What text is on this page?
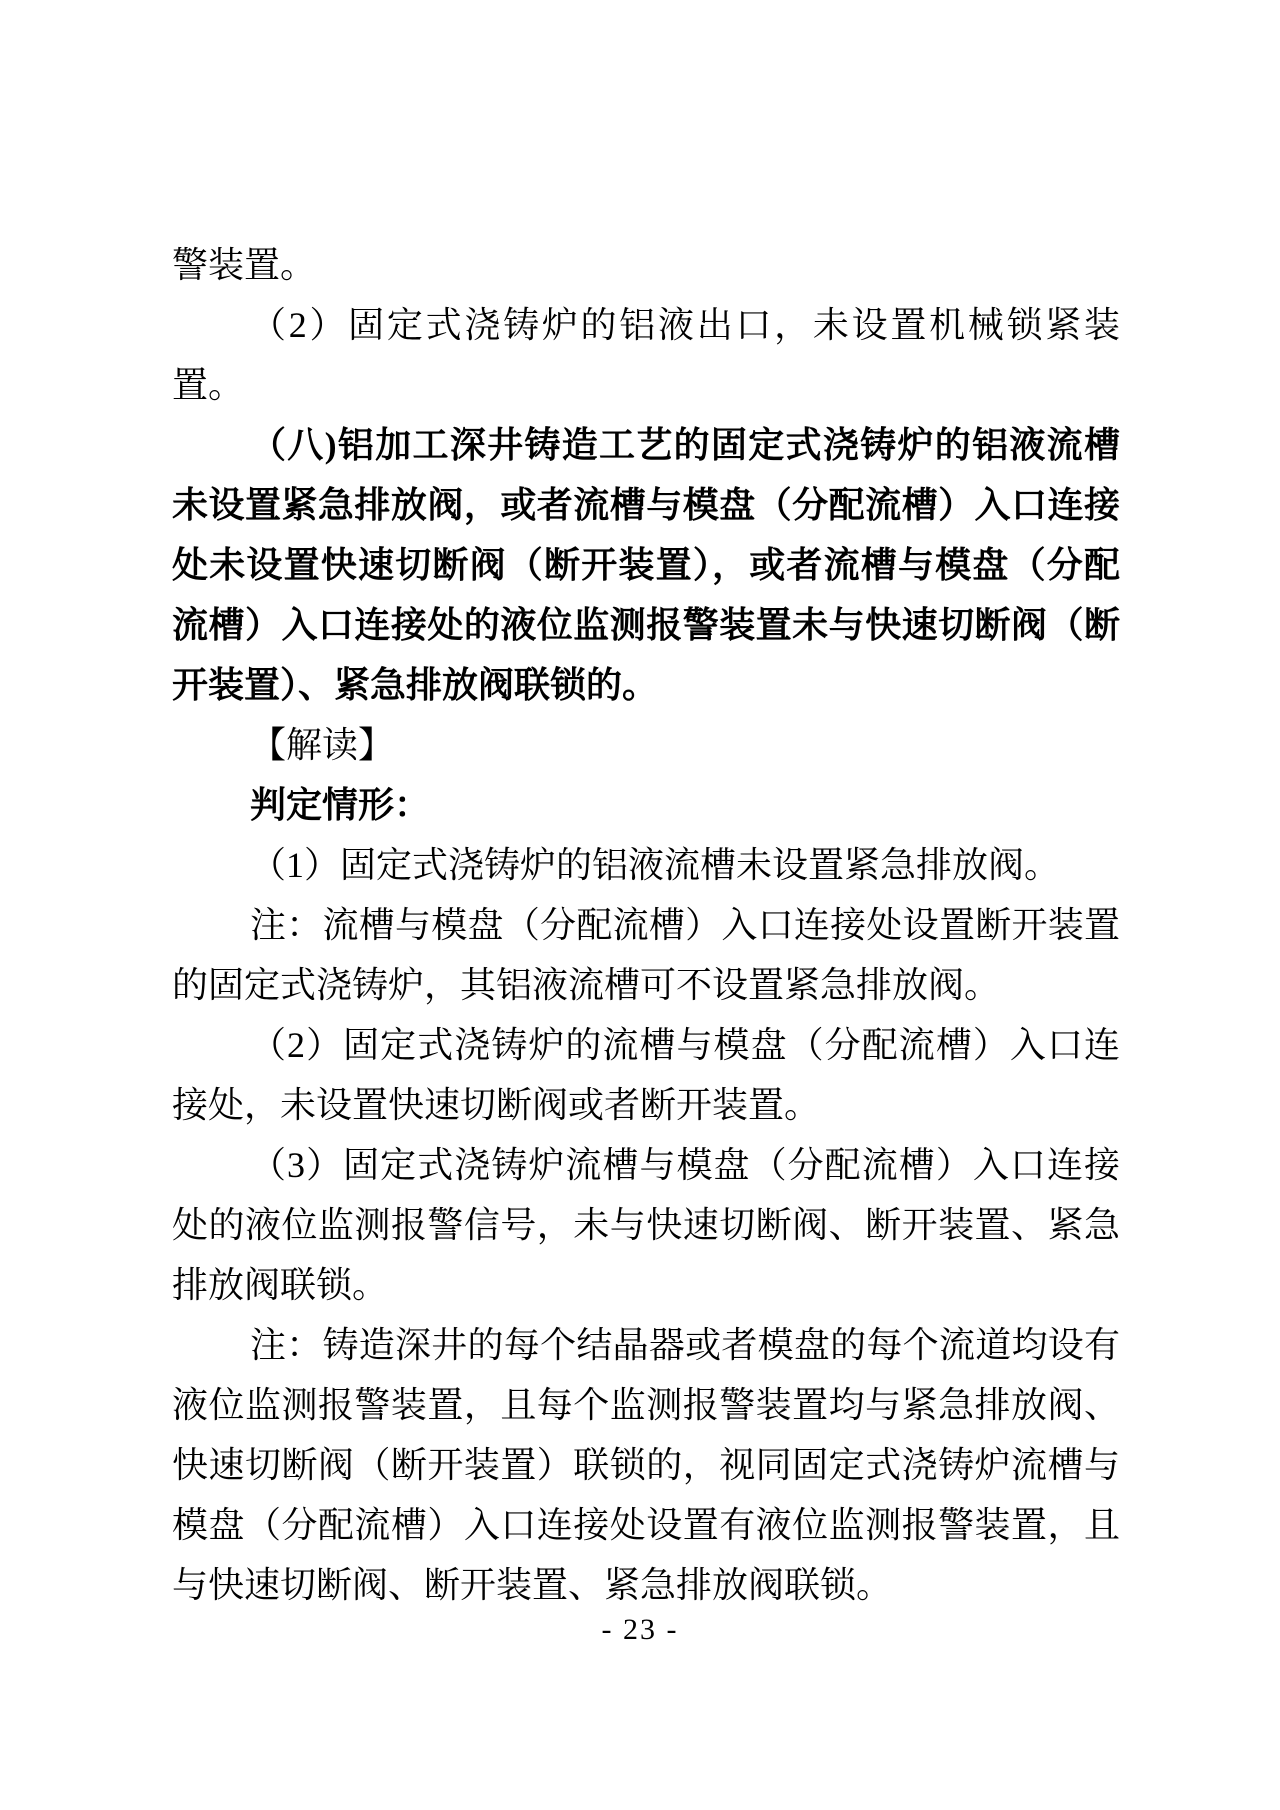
警装置。

（2）固定式浇铸炉的铝液出口，未设置机械锁紧装置。

（八)铝加工深井铸造工艺的固定式浇铸炉的铝液流槽未设置紧急排放阀，或者流槽与模盘（分配流槽）入口连接处未设置快速切断阀（断开装置），或者流槽与模盘（分配流槽）入口连接处的液位监测报警装置未与快速切断阀（断开装置）、紧急排放阀联锁的。

【解读】

判定情形：

（1）固定式浇铸炉的铝液流槽未设置紧急排放阀。

注：流槽与模盘（分配流槽）入口连接处设置断开装置的固定式浇铸炉，其铝液流槽可不设置紧急排放阀。

（2）固定式浇铸炉的流槽与模盘（分配流槽）入口连接处，未设置快速切断阀或者断开装置。

（3）固定式浇铸炉流槽与模盘（分配流槽）入口连接处的液位监测报警信号，未与快速切断阀、断开装置、紧急排放阀联锁。

注：铸造深井的每个结晶器或者模盘的每个流道均设有液位监测报警装置，且每个监测报警装置均与紧急排放阀、快速切断阀（断开装置）联锁的，视同固定式浇铸炉流槽与模盘（分配流槽）入口连接处设置有液位监测报警装置，且与快速切断阀、断开装置、紧急排放阀联锁。

- 23 -
